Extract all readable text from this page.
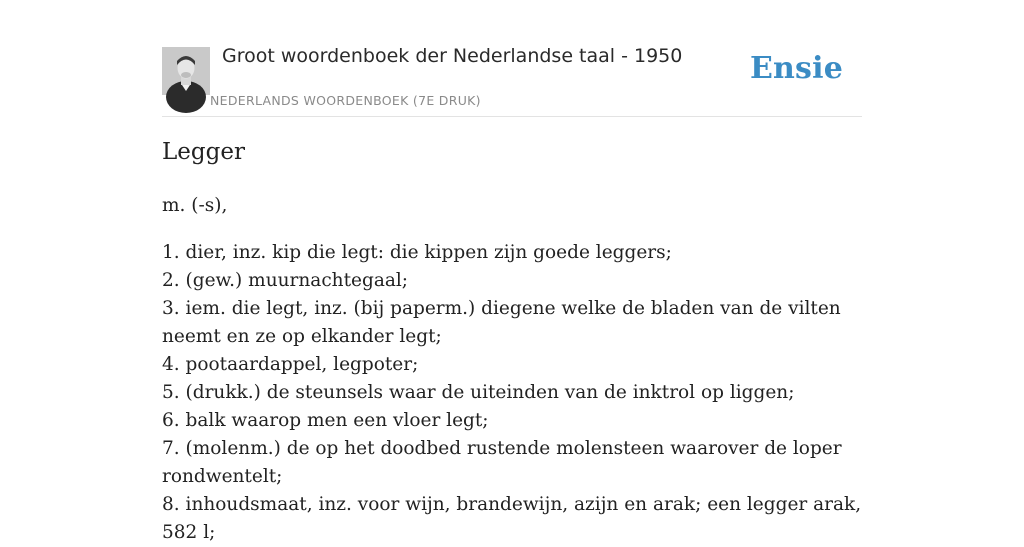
Groot woordenboek der Nederlandse taal - 1950
NEDERLANDS WOORDENBOEK (7E DRUK)
Ensie
Legger
m. (-s),
1. dier, inz. kip die legt: die kippen zijn goede leggers;
2. (gew.) muurnachtegaal;
3. iem. die legt, inz. (bij paperm.) diegene welke de bladen van de vilten neemt en ze op elkander legt;
4. pootaardappel, legpoter;
5. (drukk.) de steunsels waar de uiteinden van de inktrol op liggen;
6. balk waarop men een vloer legt;
7. (molenm.) de op het doodbed rustende molensteen waarover de loper rondwentelt;
8. inhoudsmaat, inz. voor wijn, brandewijn, azijn en arak; een legger arak, 582 l;
